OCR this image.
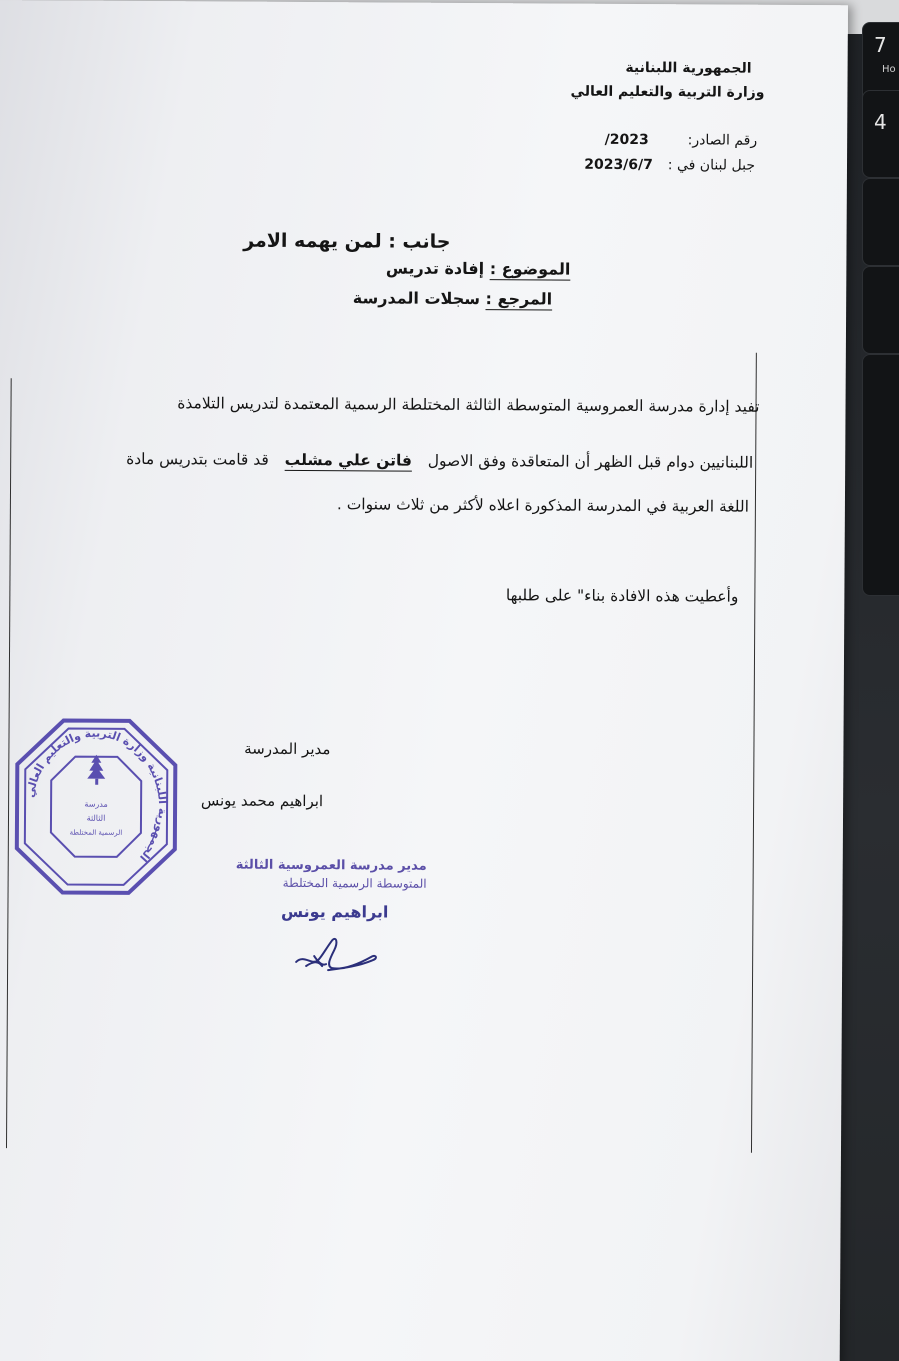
7
Ho
4
الجمهورية اللبنانية
وزارة التربية والتعليم العالي
رقم الصادر:  2023/
جبل لبنان في :  2023/6/7
جانب : لمن يهمه الامر
الموضوع : إفادة تدريس
المرجع : سجلات المدرسة
تفيد إدارة مدرسة العمروسية المتوسطة الثالثة المختلطة الرسمية المعتمدة لتدريس التلامذة
اللبنانيين دوام قبل الظهر أن المتعاقدة وفق الاصول  فاتن علي مشلب  قد قامت بتدريس مادة
اللغة العربية في المدرسة المذكورة اعلاه لأكثر من ثلاث سنوات .
وأعطيت هذه الافادة بناء" على طلبها
مدير المدرسة
ابراهيم محمد يونس
مدرسة
الثالثة
الرسمية المختلطة
الجمهورية اللبنانية وزارة التربية والتعليم العالي	مدير مدرسة العمروسية الثالثة
المتوسطة الرسمية المختلطة
ابراهيم يونس
